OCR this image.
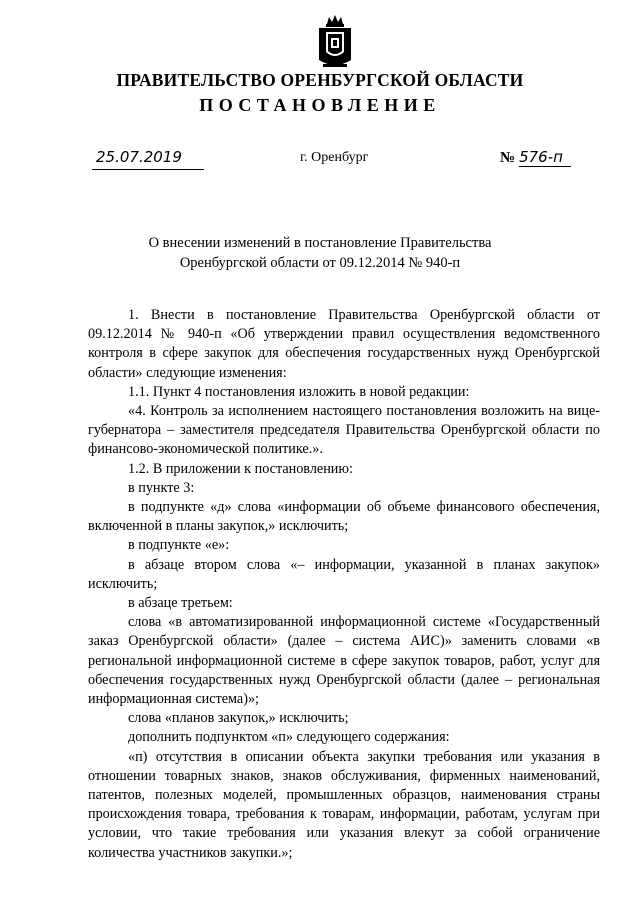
ПРАВИТЕЛЬСТВО ОРЕНБУРГСКОЙ ОБЛАСТИ
ПОСТАНОВЛЕНИЕ
25.07.2019	г. Оренбург	№ 576-п
О внесении изменений в постановление Правительства
Оренбургской области от 09.12.2014 № 940-п

1. Внести в постановление Правительства Оренбургской области от 09.12.2014 № 940-п «Об утверждении правил осуществления ведомственного контроля в сфере закупок для обеспечения государственных нужд Оренбургской области» следующие изменения:

1.1. Пункт 4 постановления изложить в новой редакции:

«4. Контроль за исполнением настоящего постановления возложить на вице-губернатора – заместителя председателя Правительства Оренбургской области по финансово-экономической политике.».

1.2. В приложении к постановлению:

в пункте 3:

в подпункте «д» слова «информации об объеме финансового обеспечения, включенной в планы закупок,» исключить;

в подпункте «е»:

в абзаце втором слова «– информации, указанной в планах закупок» исключить;

в абзаце третьем:

слова «в автоматизированной информационной системе «Государственный заказ Оренбургской области» (далее – система АИС)» заменить словами «в региональной информационной системе в сфере закупок товаров, работ, услуг для обеспечения государственных нужд Оренбургской области (далее – региональная информационная система)»;

слова «планов закупок,» исключить;

дополнить подпунктом «п» следующего содержания:

«п) отсутствия в описании объекта закупки требования или указания в отношении товарных знаков, знаков обслуживания, фирменных наименований, патентов, полезных моделей, промышленных образцов, наименования страны происхождения товара, требования к товарам, информации, работам, услугам при условии, что такие требования или указания влекут за собой ограничение количества участников закупки.»;
